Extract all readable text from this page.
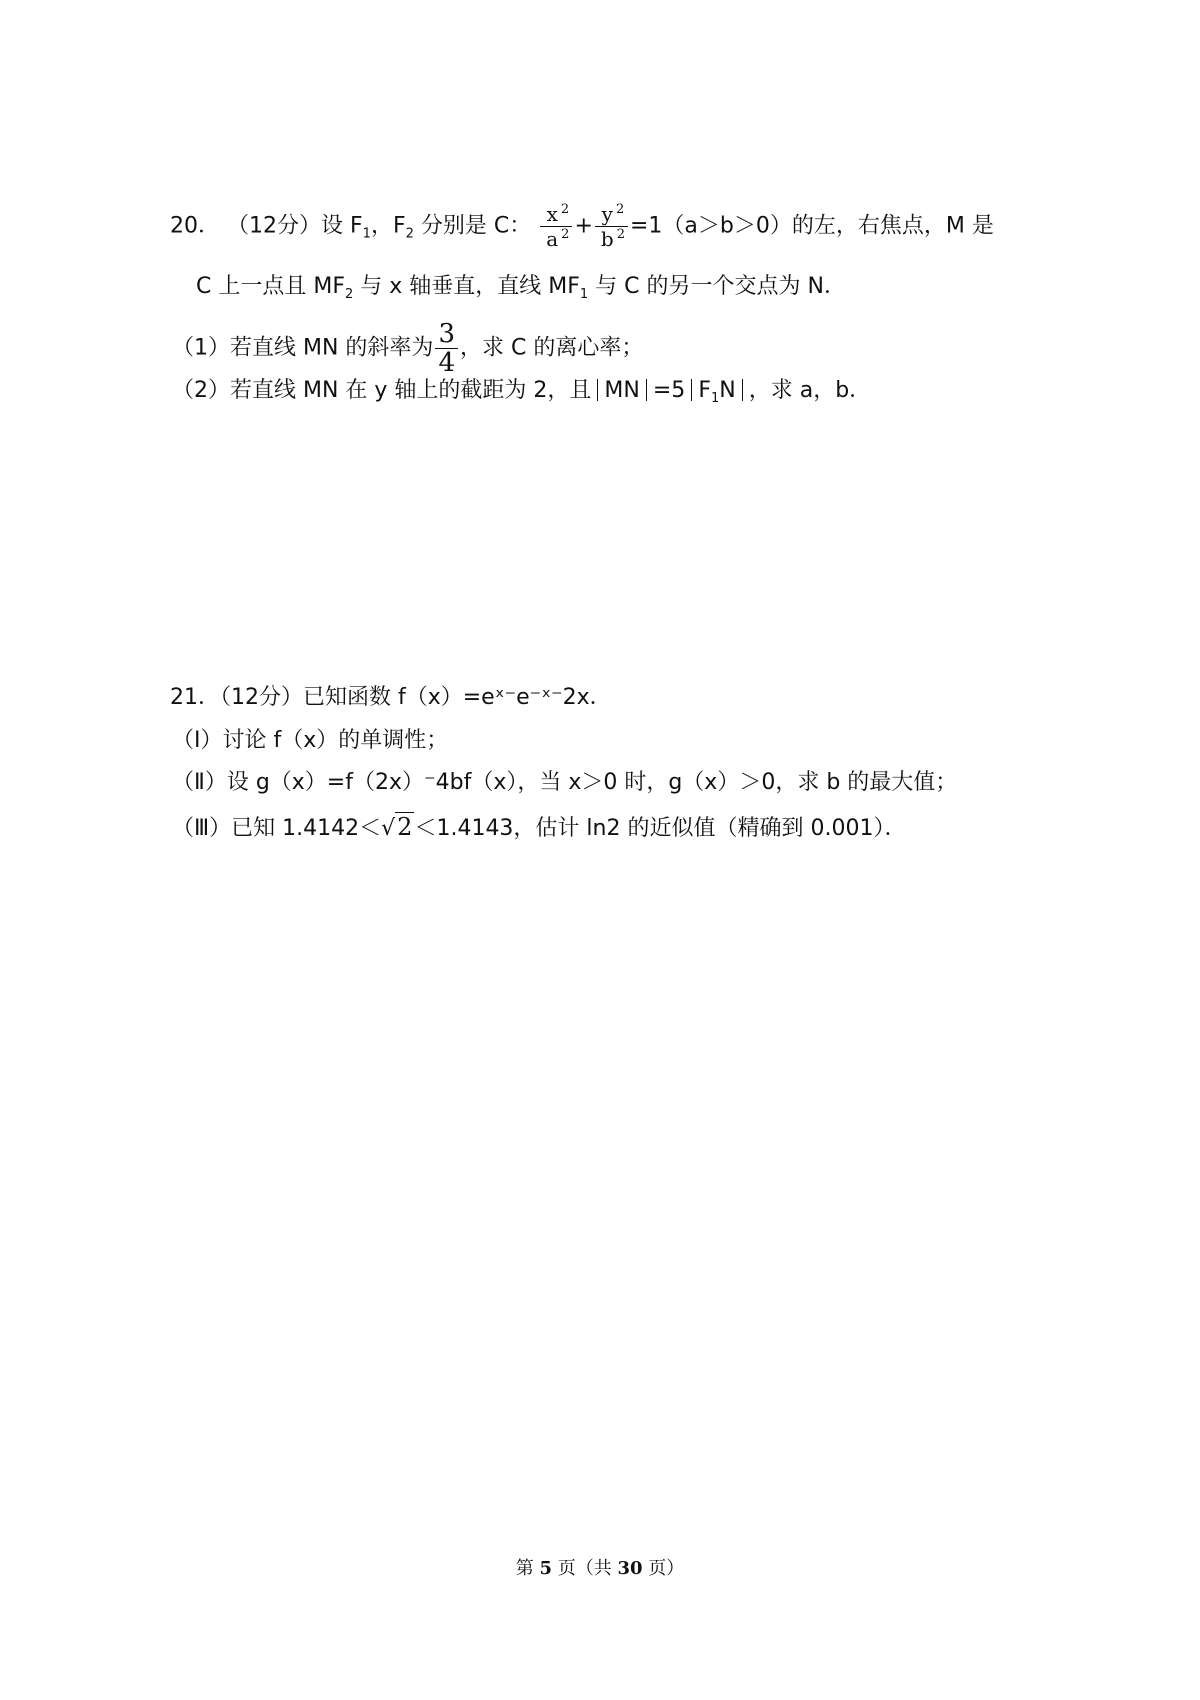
20． （12分）设 $F_1$，$F_2$ 分别是 C： $\frac{x ^2}{a ^2} + \frac{y ^2}{b ^2} =1(a>b>0)$的左，右焦点，M 是
C 上一点且 $MF_2$ 与 x 轴垂直，直线 $MF_1$ 与 C 的另一个交点为 N．
（1）若直线 MN 的斜率为 $\frac{3}{4}$ ，求 C 的离心率；
（2）若直线 MN 在 y 轴上的截距为 2，且 MN =5 $F_1N$ ，求 a，b．
21．（12分）已知函数 f（x）=eˣ⁻e⁻ˣ⁻2x．
（Ⅰ）讨论 f（x）的单调性；
（Ⅱ）设 g（x）=f（2x）⁻4bf（x），当 x＞0 时，g（x）＞0，求 b 的最大值；
（Ⅲ）已知 1.4142＜√2＜1.4143，估计 ln2 的近似值（精确到 0.001）．
第 5 页（共 30 页）
